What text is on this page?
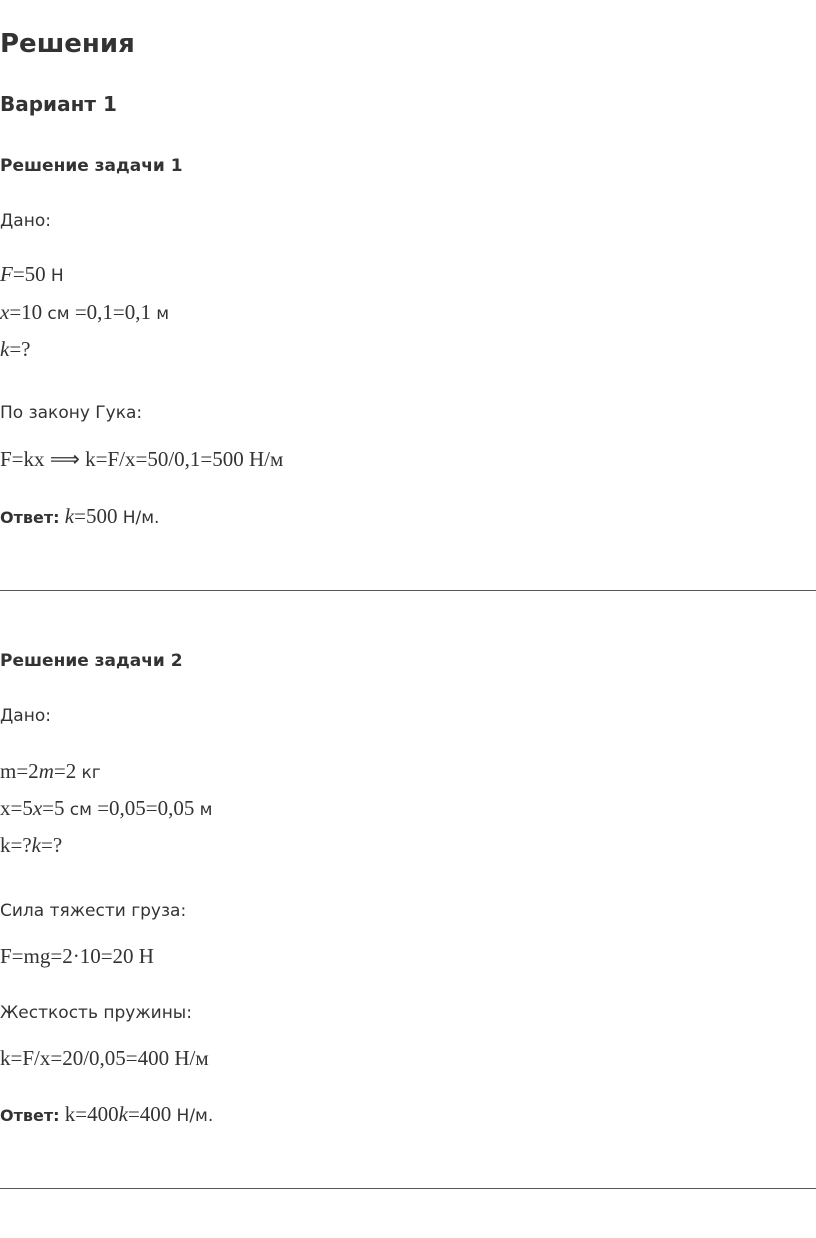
Решения
Вариант 1
Решение задачи 1
Дано:
F=50 Н
x=10 см =0,1=0,1 м
k=?
По закону Гука:
F=kx ⟹ k=F/x=50/0,1=500 Н/м
Ответ: k=500 Н/м.
Решение задачи 2
Дано:
m=2m=2 кг
x=5x=5 см =0,05=0,05 м
k=?k=?
Сила тяжести груза:
F=mg=2·10=20 Н
Жесткость пружины:
k=F/x=20/0,05=400 Н/м
Ответ: k=400k=400 Н/м.
